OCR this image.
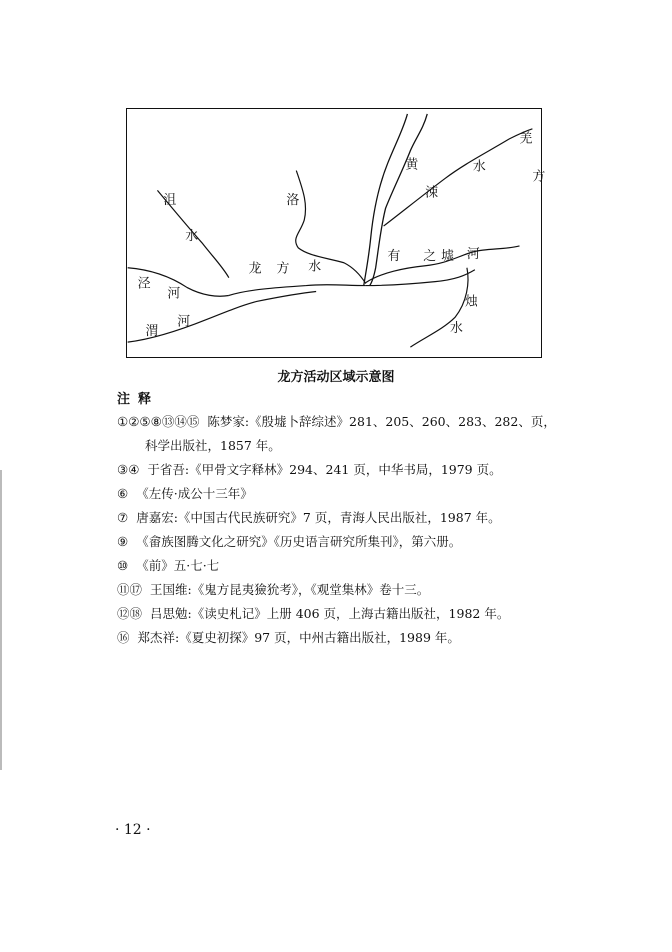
沮
水
洛
黄
涑
水
羌
方
泾
河
龙 方 水
有 之 墟 河
渭
河
烛
水
龙方活动区域示意图
注释
①②⑤⑧⑬⑭⑮ 陈梦家:《殷墟卜辞综述》281、205、260、283、282、页，
科学出版社，1857 年。
③④ 于省吾:《甲骨文字释林》294、241 页，中华书局，1979 页。
⑥ 《左传·成公十三年》
⑦ 唐嘉宏:《中国古代民族研究》7 页，青海人民出版社，1987 年。
⑨ 《畲族图腾文化之研究》《历史语言研究所集刊》，第六册。
⑩ 《前》五·七·七
⑪⑰ 王国维:《鬼方昆夷獫狁考》，《观堂集林》卷十三。
⑫⑱ 吕思勉:《读史札记》上册 406 页，上海古籍出版社，1982 年。
⑯ 郑杰祥:《夏史初探》97 页，中州古籍出版社，1989 年。
· 12 ·
